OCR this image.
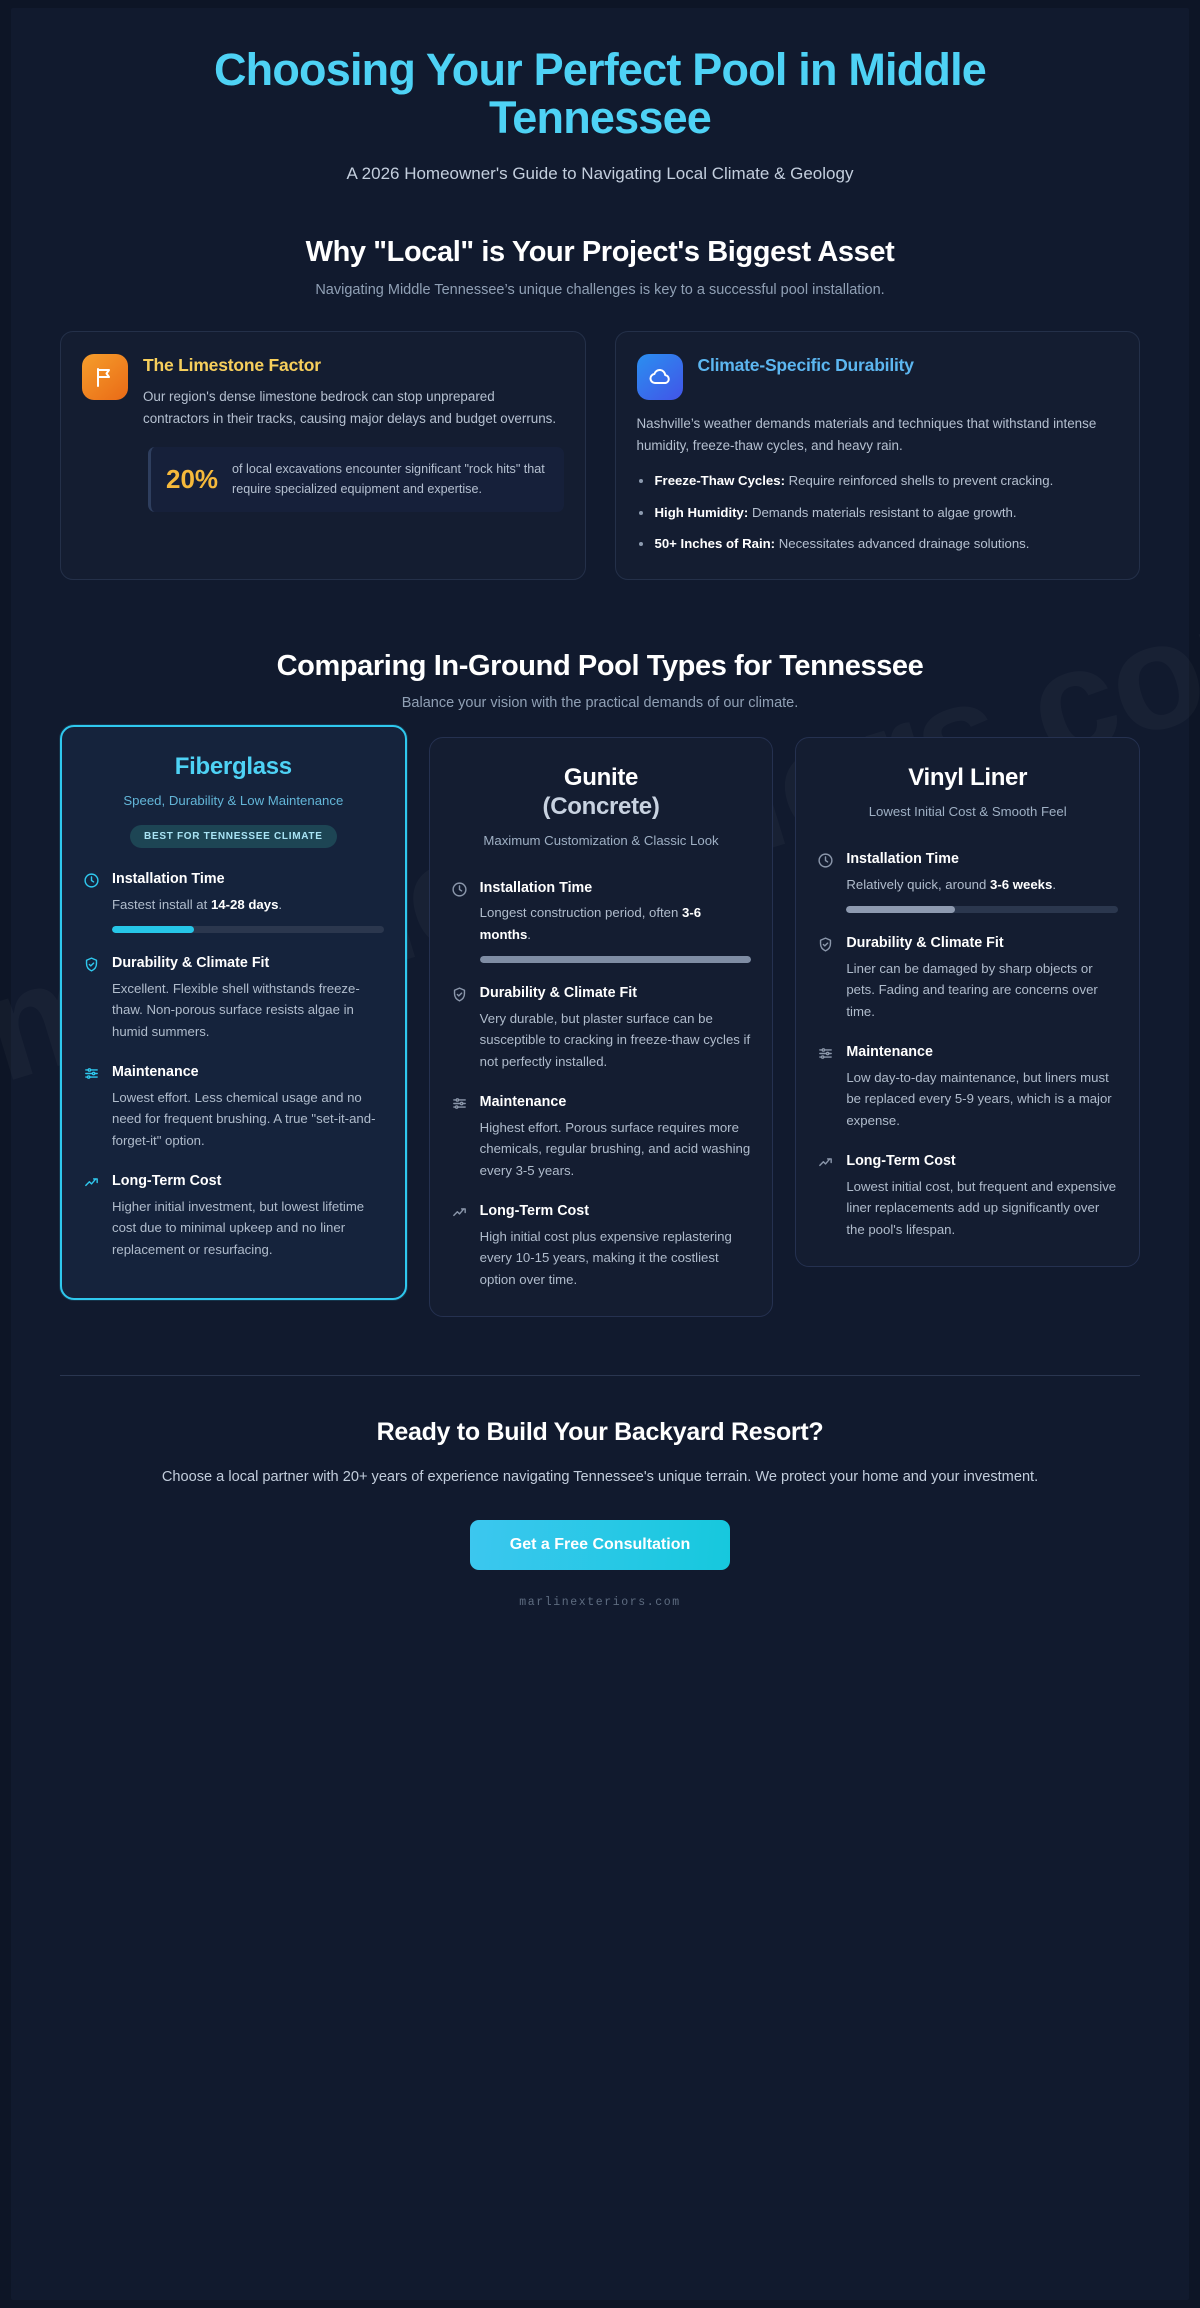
Choosing Your Perfect Pool in Middle Tennessee
A 2026 Homeowner's Guide to Navigating Local Climate & Geology
Why "Local" is Your Project's Biggest Asset
Navigating Middle Tennessee’s unique challenges is key to a successful pool installation.
The Limestone Factor

Our region's dense limestone bedrock can stop unprepared contractors in their tracks, causing major delays and budget overruns.

20% of local excavations encounter significant "rock hits" that require specialized equipment and expertise.
Climate-Specific Durability

Nashville’s weather demands materials and techniques that withstand intense humidity, freeze-thaw cycles, and heavy rain.

Freeze-Thaw Cycles: Require reinforced shells to prevent cracking.
High Humidity: Demands materials resistant to algae growth.
50+ Inches of Rain: Necessitates advanced drainage solutions.
Comparing In-Ground Pool Types for Tennessee
Balance your vision with the practical demands of our climate.
Fiberglass
Speed, Durability & Low Maintenance
BEST FOR TENNESSEE CLIMATE
Installation Time
Fastest install at 14-28 days.
Durability & Climate Fit
Excellent. Flexible shell withstands freeze-thaw. Non-porous surface resists algae in humid summers.
Maintenance
Lowest effort. Less chemical usage and no need for frequent brushing. A true "set-it-and-forget-it" option.
Long-Term Cost
Higher initial investment, but lowest lifetime cost due to minimal upkeep and no liner replacement or resurfacing.
Gunite
(Concrete)
Maximum Customization & Classic Look
Installation Time
Longest construction period, often 3-6 months.
Durability & Climate Fit
Very durable, but plaster surface can be susceptible to cracking in freeze-thaw cycles if not perfectly installed.
Maintenance
Highest effort. Porous surface requires more chemicals, regular brushing, and acid washing every 3-5 years.
Long-Term Cost
High initial cost plus expensive replastering every 10-15 years, making it the costliest option over time.
Vinyl Liner
Lowest Initial Cost & Smooth Feel
Installation Time
Relatively quick, around 3-6 weeks.
Durability & Climate Fit
Liner can be damaged by sharp objects or pets. Fading and tearing are concerns over time.
Maintenance
Low day-to-day maintenance, but liners must be replaced every 5-9 years, which is a major expense.
Long-Term Cost
Lowest initial cost, but frequent and expensive liner replacements add up significantly over the pool's lifespan.
Ready to Build Your Backyard Resort?

Choose a local partner with 20+ years of experience navigating Tennessee's unique terrain. We protect your home and your investment.

Get a Free Consultation
marlinexteriors.com
